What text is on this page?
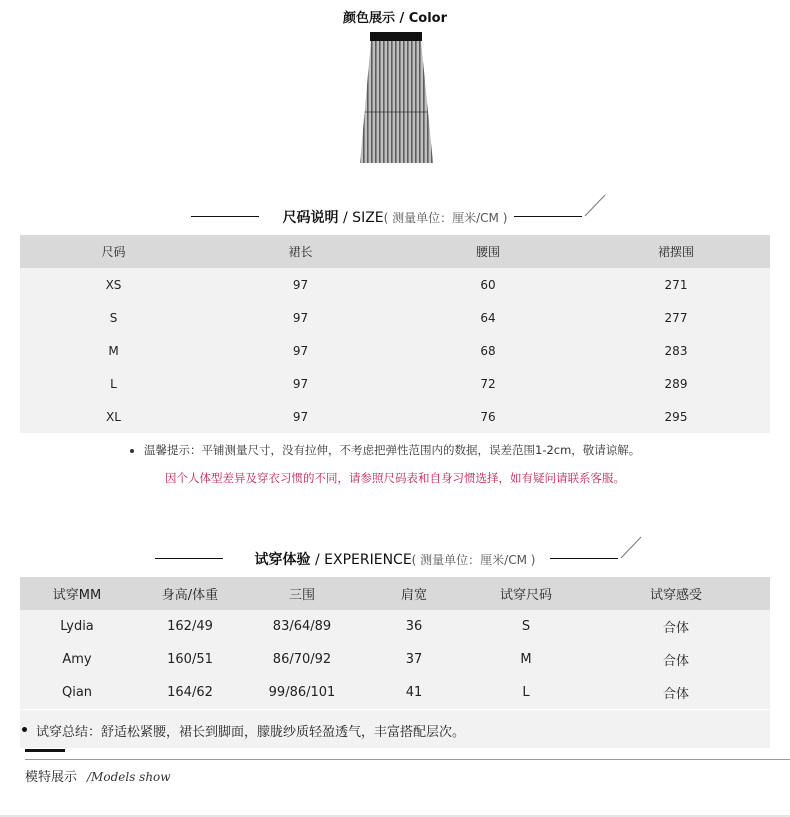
颜色展示 / Color
尺码说明 / SIZE( 测量单位：厘米/CM )
尺码	裙长	腰围	裙摆围
XS	97	60	271
S	97	64	277
M	97	68	283
L	97	72	289
XL	97	76	295
温馨提示：平铺测量尺寸，没有拉伸，不考虑把弹性范围内的数据，误差范围1-2cm，敬请谅解。
因个人体型差异及穿衣习惯的不同，请参照尺码表和自身习惯选择，如有疑问请联系客服。
试穿体验 / EXPERIENCE( 测量单位：厘米/CM )
试穿MM	身高/体重	三围	肩宽	试穿尺码	试穿感受
Lydia	162/49	83/64/89	36	S	合体
Amy	160/51	86/70/92	37	M	合体
Qian	164/62	99/86/101	41	L	合体
试穿总结：舒适松紧腰，裙长到脚面，朦胧纱质轻盈透气，丰富搭配层次。
模特展示 /Models show
